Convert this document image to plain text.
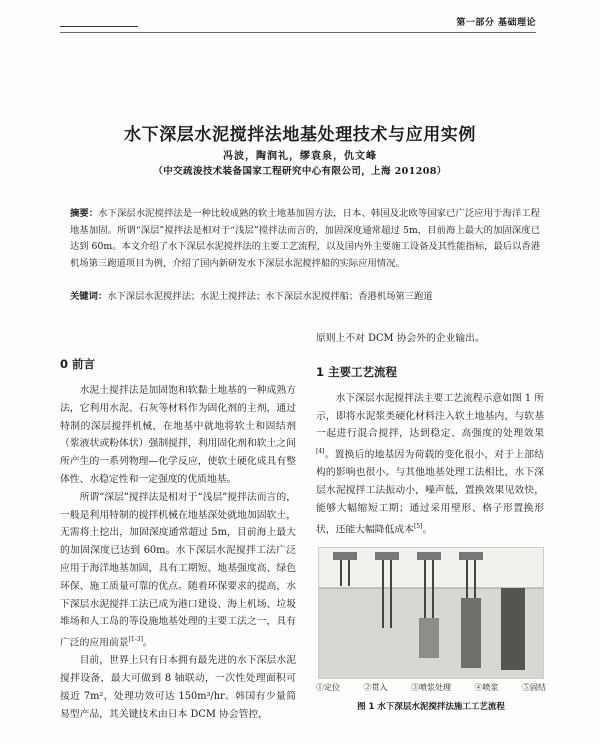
第一部分 基础理论
水下深层水泥搅拌法地基处理技术与应用实例
冯波，陶润礼，缪袁泉，仇文峰
（中交疏浚技术装备国家工程研究中心有限公司，上海 201208）
摘要：水下深层水泥搅拌法是一种比较成熟的软土地基加固方法，日本、韩国及北欧等国家已广泛应用于海洋工程地基加固。所谓“深层”搅拌法是相对于“浅层”搅拌法而言的，加固深度通常超过 5m，目前海上最大的加固深度已达到 60m。本文介绍了水下深层水泥搅拌法的主要工艺流程，以及国内外主要施工设备及其性能指标，最后以香港机场第三跑道项目为例，介绍了国内新研发水下深层水泥搅拌船的实际应用情况。
关键词：水下深层水泥搅拌法；水泥土搅拌法；水下深层水泥搅拌船；香港机场第三跑道
0 前言

水泥土搅拌法是加固饱和软黏土地基的一种成熟方法，它利用水泥、石灰等材料作为固化剂的主剂，通过特制的深层搅拌机械，在地基中就地将软土和固结剂（浆液状或粉体状）强制搅拌，利用固化剂和软土之间所产生的一系列物理—化学反应，使软土硬化成具有整体性、水稳定性和一定强度的优质地基。

所谓“深层”搅拌法是相对于“浅层”搅拌法而言的，一般是利用特制的搅拌机械在地基深处就地加固软土，无需将土挖出，加固深度通常超过 5m，目前海上最大的加固深度已达到 60m。水下深层水泥搅拌工法广泛应用于海洋地基加固，具有工期短、地基强度高、绿色环保、施工质量可靠的优点。随着环保要求的提高，水下深层水泥搅拌工法已成为港口建设、海上机场、垃圾堆场和人工岛的等设施地基处理的主要工法之一，具有广泛的应用前景[1-3]。

目前，世界上只有日本拥有最先进的水下深层水泥搅拌设备，最大可做到 8 轴联动，一次性处理面积可接近 7m²，处理功效可达 150m³/hr。韩国有少量简易型产品，其关键技术由日本 DCM 协会管控，

原则上不对 DCM 协会外的企业输出。

1 主要工艺流程

水下深层水泥搅拌法主要工艺流程示意如图 1 所示，即将水泥浆类硬化材料注入软土地基内，与软基一起进行混合搅拌，达到稳定、高强度的处理效果[4]。置换后的地基因为荷载的变化很小，对于上部结构的影响也很小。与其他地基处理工法相比，水下深层水泥搅拌工法振动小，噪声低，置换效果见效快，能够大幅缩短工期；通过采用壁形、格子形置换形状，还能大幅降低成本[5]。

①定位	②贯入	③喷浆处理	④喷浆	⑤固结
图 1 水下深层水泥搅拌法施工工艺流程
